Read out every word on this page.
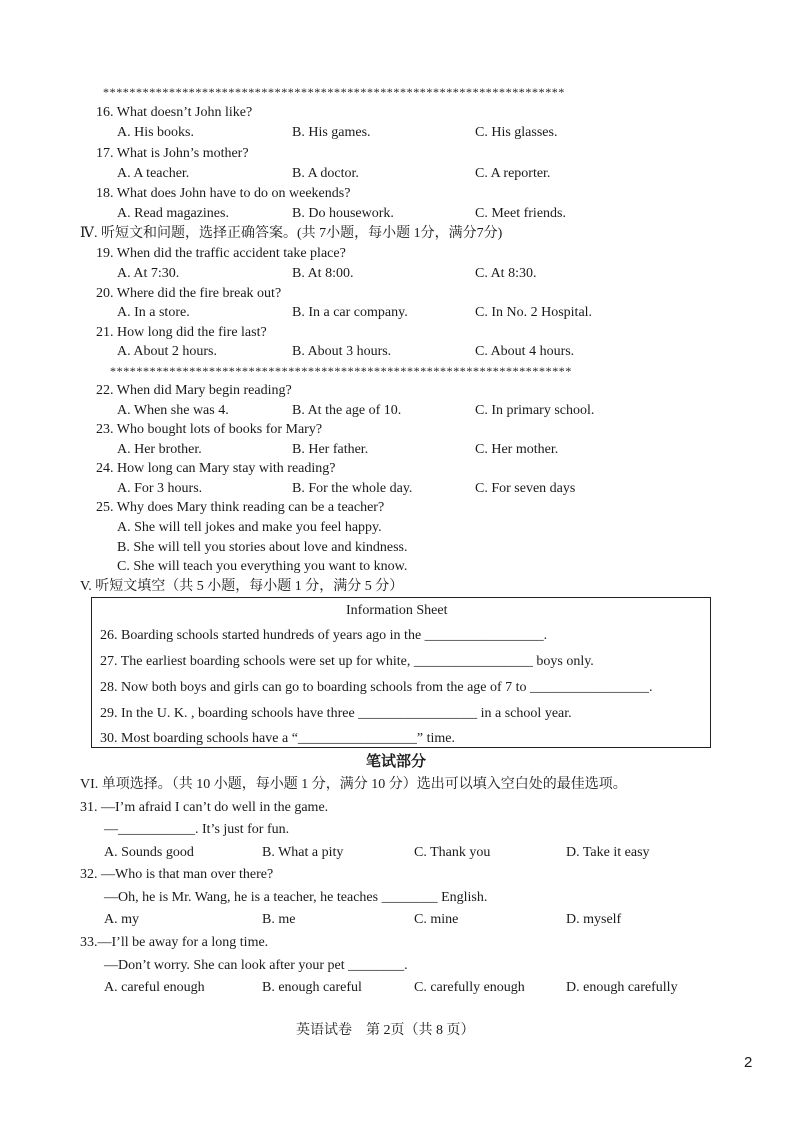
**********************************************************************
16. What doesn’t John like?
A. His books.	B. His games.	C. His glasses.
17. What is John’s mother?
A. A teacher.	B. A doctor.	C. A reporter.
18. What does John have to do on weekends?
A. Read magazines.	B. Do housework.	C. Meet friends.
Ⅳ. 听短文和问题，选择正确答案。(共 7小题，每小题 1分，满分7分)
19. When did the traffic accident take place?
A. At 7:30.	B. At 8:00.	C. At 8:30.
20. Where did the fire break out?
A. In a store.	B. In a car company.	C. In No. 2 Hospital.
21. How long did the fire last?
A. About 2 hours.	B. About 3 hours.	C. About 4 hours.
**********************************************************************
22. When did Mary begin reading?
A. When she was 4.	B. At the age of 10.	C. In primary school.
23. Who bought lots of books for Mary?
A. Her brother.	B. Her father.	C. Her mother.
24. How long can Mary stay with reading?
A. For 3 hours.	B. For the whole day.	C. For seven days
25. Why does Mary think reading can be a teacher?
A. She will tell jokes and make you feel happy.
B. She will tell you stories about love and kindness.
C. She will teach you everything you want to know.
V. 听短文填空（共 5 小题，每小题 1 分，满分 5 分）
Information Sheet
26. Boarding schools started hundreds of years ago in the _________________.
27. The earliest boarding schools were set up for white, _________________ boys only.
28. Now both boys and girls can go to boarding schools from the age of 7 to _________________.
29. In the U. K. , boarding schools have three _________________ in a school year.
30. Most boarding schools have a “_________________” time.
笔试部分
VI. 单项选择。（共 10 小题，每小题 1 分，满分 10 分）选出可以填入空白处的最佳选项。
31. —I’m afraid I can’t do well in the game.
—___________. It’s just for fun.
A. Sounds good	B. What a pity	C. Thank you	D. Take it easy
32. —Who is that man over there?
—Oh, he is Mr. Wang, he is a teacher, he teaches ________ English.
A. my	B. me	C. mine	D. myself
33.—I’ll be away for a long time.
—Don’t worry. She can look after your pet ________.
A. careful enough	B. enough careful	C. carefully enough	D. enough carefully
英语试卷　第 2页（共 8 页）
2
